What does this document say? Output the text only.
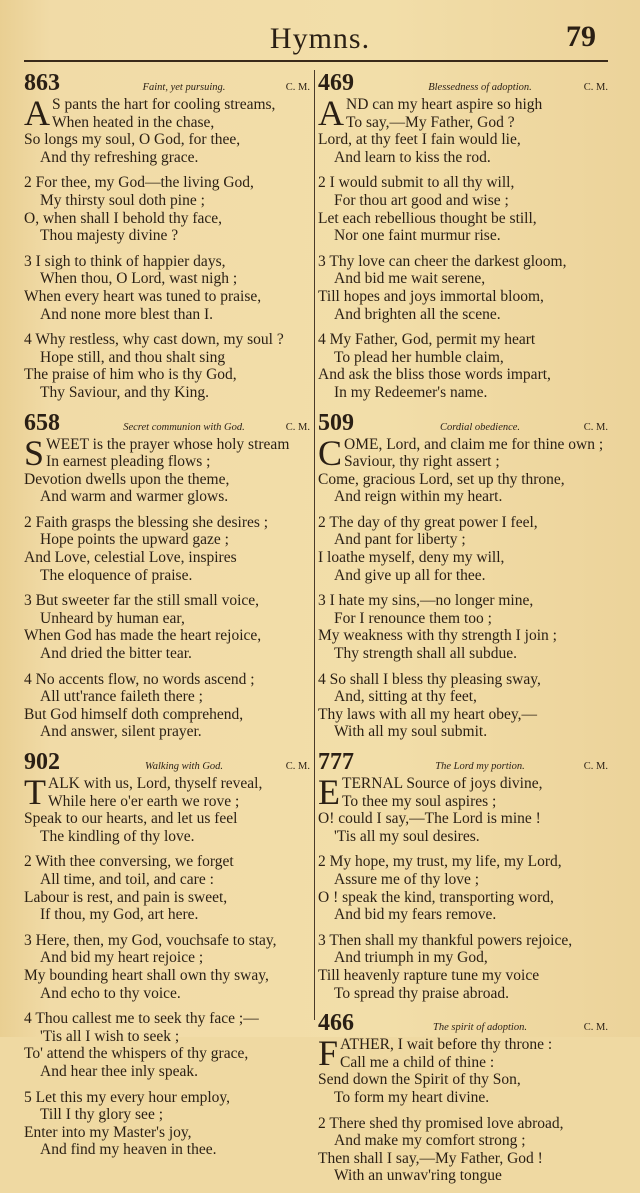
Hymns.	79
863	Faint, yet pursuing.	C. M.
A S pants the hart for cooling streams,
When heated in the chase,
So longs my soul, O God, for thee,
And thy refreshing grace.
2 For thee, my God—the living God,
My thirsty soul doth pine ;
O, when shall I behold thy face,
Thou majesty divine ?
3 I sigh to think of happier days,
When thou, O Lord, wast nigh ;
When every heart was tuned to praise,
And none more blest than I.
4 Why restless, why cast down, my soul ?
Hope still, and thou shalt sing
The praise of him who is thy God,
Thy Saviour, and thy King.
658	Secret communion with God.	C. M.
SWEET is the prayer whose holy stream
In earnest pleading flows ;
Devotion dwells upon the theme,
And warm and warmer glows.
2 Faith grasps the blessing she desires ;
Hope points the upward gaze ;
And Love, celestial Love, inspires
The eloquence of praise.
3 But sweeter far the still small voice,
Unheard by human ear,
When God has made the heart rejoice,
And dried the bitter tear.
4 No accents flow, no words ascend ;
All utt'rance faileth there ;
But God himself doth comprehend,
And answer, silent prayer.
902	Walking with God.	C. M.
TALK with us, Lord, thyself reveal,
While here o'er earth we rove ;
Speak to our hearts, and let us feel
The kindling of thy love.
2 With thee conversing, we forget
All time, and toil, and care :
Labour is rest, and pain is sweet,
If thou, my God, art here.
3 Here, then, my God, vouchsafe to stay,
And bid my heart rejoice ;
My bounding heart shall own thy sway,
And echo to thy voice.
4 Thou callest me to seek thy face ;—
'Tis all I wish to seek ;
To' attend the whispers of thy grace,
And hear thee inly speak.
5 Let this my every hour employ,
Till I thy glory see ;
Enter into my Master's joy,
And find my heaven in thee.
469	Blessedness of adoption.	C. M.
AND can my heart aspire so high
To say,—My Father, God ?
Lord, at thy feet I fain would lie,
And learn to kiss the rod.
2 I would submit to all thy will,
For thou art good and wise ;
Let each rebellious thought be still,
Nor one faint murmur rise.
3 Thy love can cheer the darkest gloom,
And bid me wait serene,
Till hopes and joys immortal bloom,
And brighten all the scene.
4 My Father, God, permit my heart
To plead her humble claim,
And ask the bliss those words impart,
In my Redeemer's name.
509	Cordial obedience.	C. M.
COME, Lord, and claim me for thine own ;
Saviour, thy right assert ;
Come, gracious Lord, set up thy throne,
And reign within my heart.
2 The day of thy great power I feel,
And pant for liberty ;
I loathe myself, deny my will,
And give up all for thee.
3 I hate my sins,—no longer mine,
For I renounce them too ;
My weakness with thy strength I join ;
Thy strength shall all subdue.
4 So shall I bless thy pleasing sway,
And, sitting at thy feet,
Thy laws with all my heart obey,—
With all my soul submit.
777	The Lord my portion.	C. M.
ETERNAL Source of joys divine,
To thee my soul aspires ;
O! could I say,—The Lord is mine !
'Tis all my soul desires.
2 My hope, my trust, my life, my Lord,
Assure me of thy love ;
O ! speak the kind, transporting word,
And bid my fears remove.
3 Then shall my thankful powers rejoice,
And triumph in my God,
Till heavenly rapture tune my voice
To spread thy praise abroad.
466	The spirit of adoption.	C. M.
FATHER, I wait before thy throne :
Call me a child of thine :
Send down the Spirit of thy Son,
To form my heart divine.
2 There shed thy promised love abroad,
And make my comfort strong ;
Then shall I say,—My Father, God !
With an unwav'ring tongue
